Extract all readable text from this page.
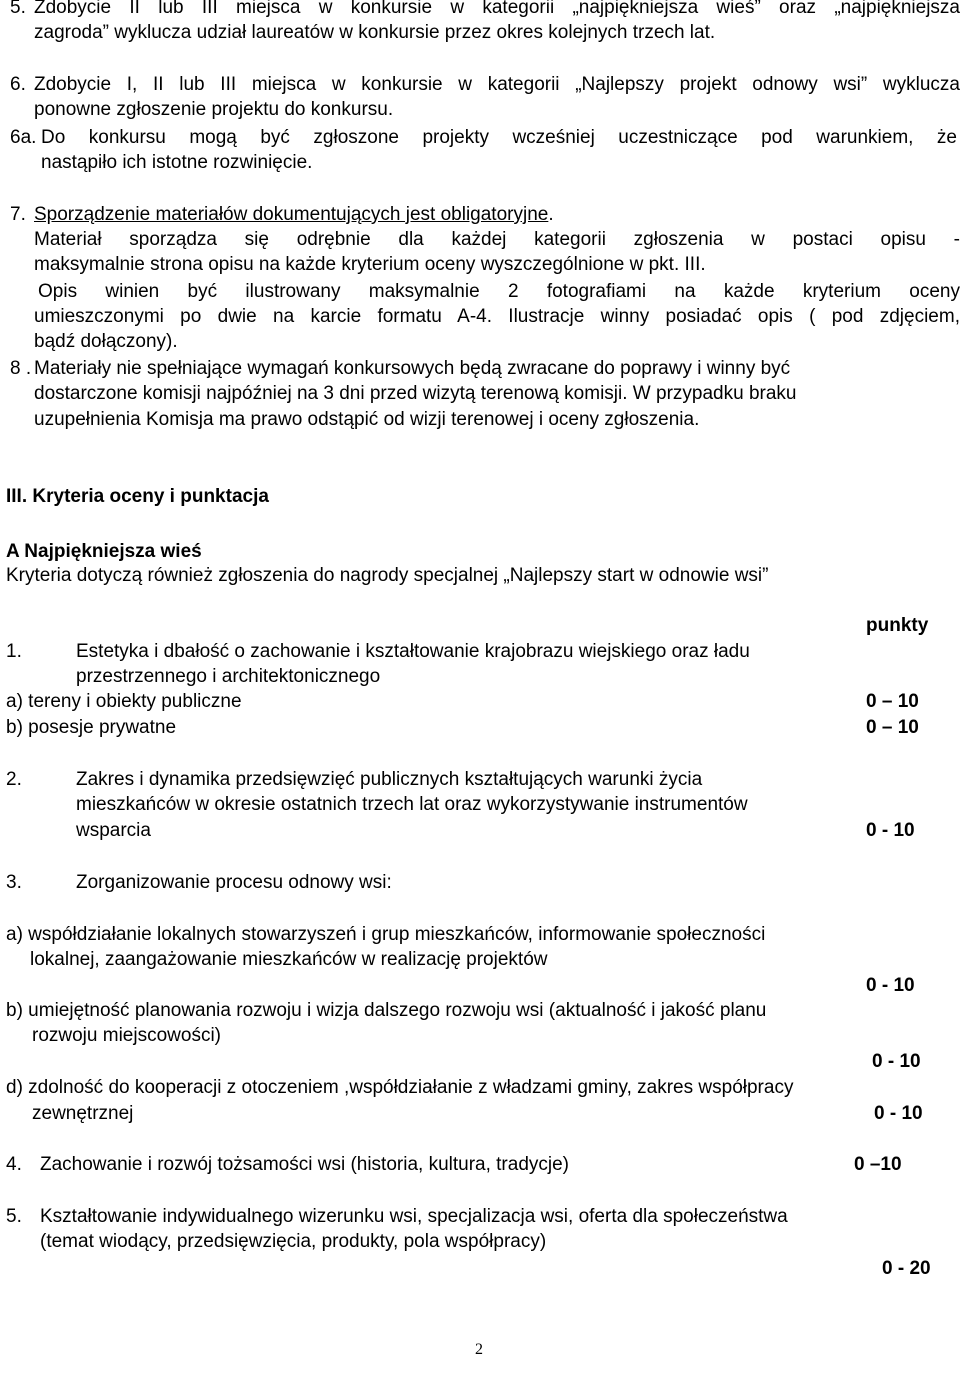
5. Zdobycie II lub III miejsca w konkursie w kategorii „najpiękniejsza wieś” oraz „najpiękniejsza
zagroda” wyklucza udział laureatów w konkursie przez okres kolejnych trzech lat.
6. Zdobycie I, II lub III miejsca w konkursie w kategorii „Najlepszy projekt odnowy wsi” wyklucza
ponowne zgłoszenie projektu do konkursu.
6a. Do konkursu mogą być zgłoszone projekty wcześniej uczestniczące pod warunkiem, że
nastąpiło ich istotne rozwinięcie.
7. Sporządzenie materiałów dokumentujących jest obligatoryjne.
Materiał sporządza się odrębnie dla każdej kategorii zgłoszenia w postaci opisu -
maksymalnie strona opisu na każde kryterium oceny wyszczególnione w pkt. III.
Opis winien być ilustrowany maksymalnie 2 fotografiami na każde kryterium oceny
umieszczonymi po dwie na karcie formatu A-4. Ilustracje winny posiadać opis ( pod zdjęciem,
bądź dołączony).
8 . Materiały nie spełniające wymagań konkursowych będą zwracane do poprawy i winny być
dostarczone komisji najpóźniej na 3 dni przed wizytą terenową komisji. W przypadku braku
uzupełnienia Komisja ma prawo odstąpić od wizji terenowej i oceny zgłoszenia.
III. Kryteria oceny i punktacja
A Najpiękniejsza wieś
Kryteria dotyczą również zgłoszenia do nagrody specjalnej „Najlepszy start w odnowie wsi”
punkty
1.	Estetyka i dbałość o zachowanie i kształtowanie krajobrazu wiejskiego oraz ładu
przestrzennego i architektonicznego
a) tereny i obiekty publiczne	0 – 10
b) posesje prywatne	0 – 10
2.	Zakres i dynamika przedsięwzięć publicznych kształtujących warunki życia
mieszkańców w okresie ostatnich trzech lat oraz wykorzystywanie instrumentów
wsparcia	0 - 10
3.	Zorganizowanie procesu odnowy wsi:
a) współdziałanie lokalnych stowarzyszeń i grup mieszkańców, informowanie społeczności
lokalnej, zaangażowanie mieszkańców w realizację projektów
0 - 10
b) umiejętność planowania rozwoju i wizja dalszego rozwoju wsi (aktualność i jakość planu
rozwoju miejscowości)
0 - 10
d) zdolność do kooperacji z otoczeniem ,współdziałanie z władzami gminy, zakres współpracy
zewnętrznej	0 - 10
4. Zachowanie i rozwój tożsamości wsi (historia, kultura, tradycje)	0 –10
5. Kształtowanie indywidualnego wizerunku wsi, specjalizacja wsi, oferta dla społeczeństwa
(temat wiodący, przedsięwzięcia, produkty, pola współpracy)
0 - 20
2
